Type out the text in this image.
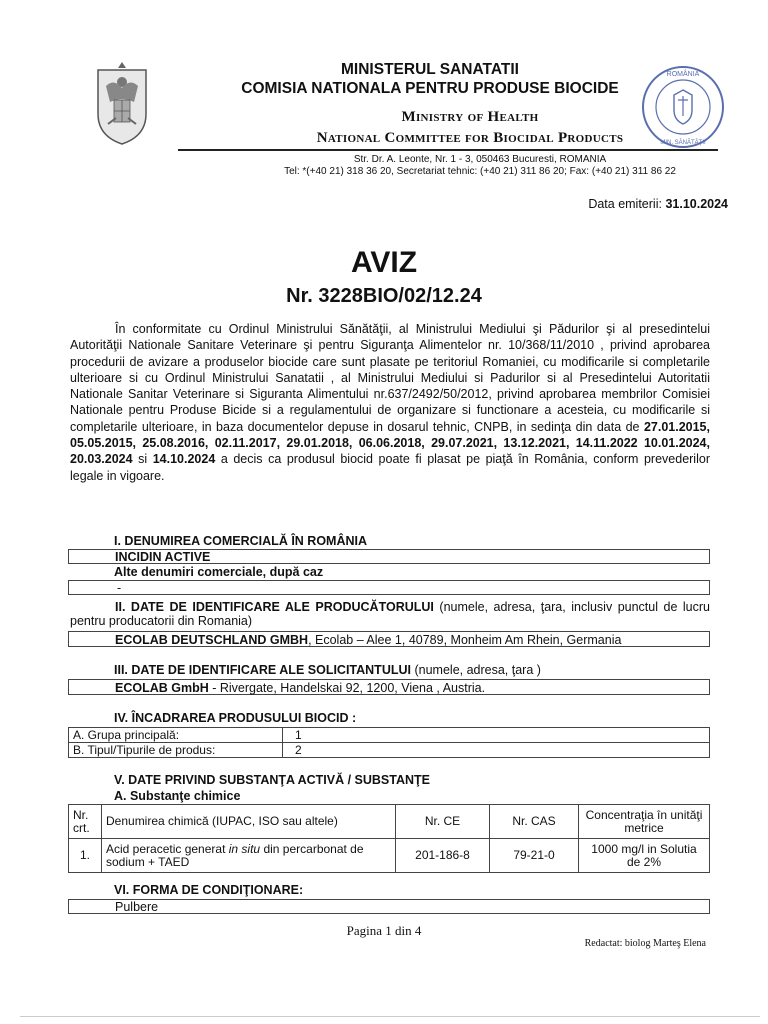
MINISTERUL SANATATII
COMISIA NATIONALA PENTRU PRODUSE BIOCIDE
Ministry of Health
National Committee for Biocidal Products
Str. Dr. A. Leonte, Nr. 1 - 3, 050463 Bucuresti, ROMANIA
Tel: *(+40 21) 318 36 20, Secretariat tehnic: (+40 21) 311 86 20; Fax: (+40 21) 311 86 22
ROMÂNIA
MIN. SĂNĂTĂŢII
Data emiterii: 31.10.2024
AVIZ
Nr. 3228BIO/02/12.24

În conformitate cu Ordinul Ministrului Sănătăţii, al Ministrului Mediului şi Pădurilor şi al presedintelui Autorităţii Nationale Sanitare Veterinare şi pentru Siguranţa Alimentelor nr. 10/368/11/2010 , privind aprobarea procedurii de avizare a produselor biocide care sunt plasate pe teritoriul Romaniei, cu modificarile si completarile ulterioare si cu Ordinul Ministrului Sanatatii , al Ministrului Mediului si Padurilor si al Presedintelui Autoritatii Nationale Sanitar Veterinare si Siguranta Alimentului nr.637/2492/50/2012, privind aprobarea membrilor Comisiei Nationale pentru Produse Bicide si a regulamentului de organizare si functionare a acesteia, cu modificarile si completarile ulterioare, in baza documentelor depuse in dosarul tehnic, CNPB, in sedinţa din data de 27.01.2015, 05.05.2015, 25.08.2016, 02.11.2017, 29.01.2018, 06.06.2018, 29.07.2021, 13.12.2021, 14.11.2022 10.01.2024, 20.03.2024 si 14.10.2024 a decis ca produsul biocid poate fi plasat pe piaţă în România, conform prevederilor legale in vigoare.

I. DENUMIREA COMERCIALĂ ÎN ROMÂNIA
INCIDIN ACTIVE
Alte denumiri comerciale, după caz
-
II. DATE DE IDENTIFICARE ALE PRODUCĂTORULUI (numele, adresa, ţara, inclusiv punctul de lucru pentru producatorii din Romania)
ECOLAB DEUTSCHLAND GMBH, Ecolab – Alee 1, 40789, Monheim Am Rhein, Germania
III. DATE DE IDENTIFICARE ALE SOLICITANTULUI (numele, adresa, ţara )
ECOLAB GmbH - Rivergate, Handelskai 92, 1200, Viena , Austria.
IV. ÎNCADRAREA PRODUSULUI BIOCID :
A. Grupa principală:	1
B. Tipul/Tipurile de produs:	2
V. DATE PRIVIND SUBSTANŢA ACTIVĂ / SUBSTANŢE
A. Substanţe chimice
Nr. crt.	Denumirea chimică (IUPAC, ISO sau altele)	Nr. CE	Nr. CAS	Concentraţia în unităţi metrice
1.	Acid peracetic generat in situ din percarbonat de sodium + TAED	201-186-8	79-21-0	1000 mg/l in Solutia de 2%
VI. FORMA DE CONDIŢIONARE:
Pulbere
Pagina 1 din 4
Redactat: biolog Marteş Elena
